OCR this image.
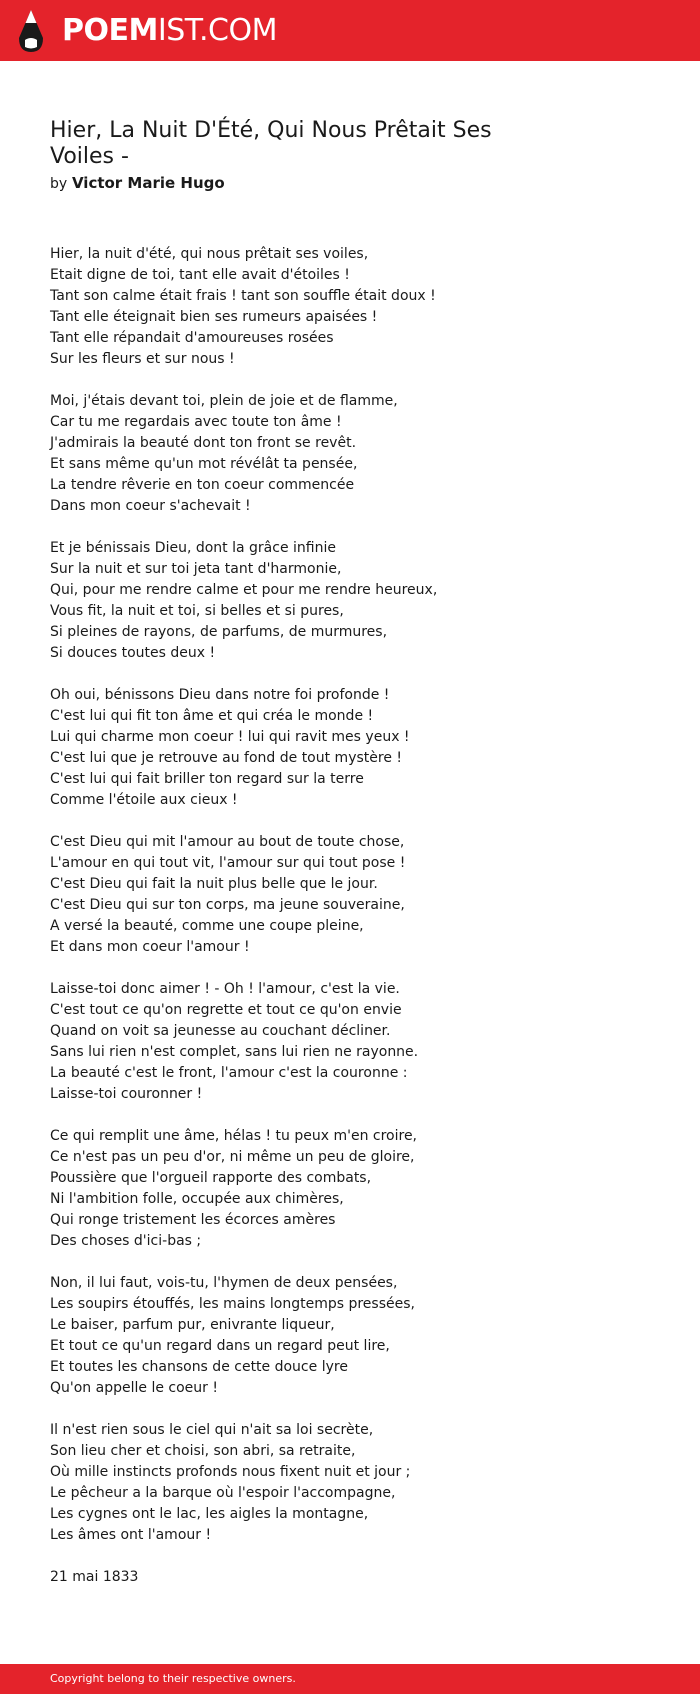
POEMIST.COM
Hier, La Nuit D'Été, Qui Nous Prêtait Ses Voiles -
by Victor Marie Hugo
Hier, la nuit d'été, qui nous prêtait ses voiles,
Etait digne de toi, tant elle avait d'étoiles !
Tant son calme était frais ! tant son souffle était doux !
Tant elle éteignait bien ses rumeurs apaisées !
Tant elle répandait d'amoureuses rosées
Sur les fleurs et sur nous !
Moi, j'étais devant toi, plein de joie et de flamme,
Car tu me regardais avec toute ton âme !
J'admirais la beauté dont ton front se revêt.
Et sans même qu'un mot révélât ta pensée,
La tendre rêverie en ton coeur commencée
Dans mon coeur s'achevait !
Et je bénissais Dieu, dont la grâce infinie
Sur la nuit et sur toi jeta tant d'harmonie,
Qui, pour me rendre calme et pour me rendre heureux,
Vous fit, la nuit et toi, si belles et si pures,
Si pleines de rayons, de parfums, de murmures,
Si douces toutes deux !
Oh oui, bénissons Dieu dans notre foi profonde !
C'est lui qui fit ton âme et qui créa le monde !
Lui qui charme mon coeur ! lui qui ravit mes yeux !
C'est lui que je retrouve au fond de tout mystère !
C'est lui qui fait briller ton regard sur la terre
Comme l'étoile aux cieux !
C'est Dieu qui mit l'amour au bout de toute chose,
L'amour en qui tout vit, l'amour sur qui tout pose !
C'est Dieu qui fait la nuit plus belle que le jour.
C'est Dieu qui sur ton corps, ma jeune souveraine,
A versé la beauté, comme une coupe pleine,
Et dans mon coeur l'amour !
Laisse-toi donc aimer ! - Oh ! l'amour, c'est la vie.
C'est tout ce qu'on regrette et tout ce qu'on envie
Quand on voit sa jeunesse au couchant décliner.
Sans lui rien n'est complet, sans lui rien ne rayonne.
La beauté c'est le front, l'amour c'est la couronne :
Laisse-toi couronner !
Ce qui remplit une âme, hélas ! tu peux m'en croire,
Ce n'est pas un peu d'or, ni même un peu de gloire,
Poussière que l'orgueil rapporte des combats,
Ni l'ambition folle, occupée aux chimères,
Qui ronge tristement les écorces amères
Des choses d'ici-bas ;
Non, il lui faut, vois-tu, l'hymen de deux pensées,
Les soupirs étouffés, les mains longtemps pressées,
Le baiser, parfum pur, enivrante liqueur,
Et tout ce qu'un regard dans un regard peut lire,
Et toutes les chansons de cette douce lyre
Qu'on appelle le coeur !
Il n'est rien sous le ciel qui n'ait sa loi secrète,
Son lieu cher et choisi, son abri, sa retraite,
Où mille instincts profonds nous fixent nuit et jour ;
Le pêcheur a la barque où l'espoir l'accompagne,
Les cygnes ont le lac, les aigles la montagne,
Les âmes ont l'amour !
21 mai 1833
Copyright belong to their respective owners.
